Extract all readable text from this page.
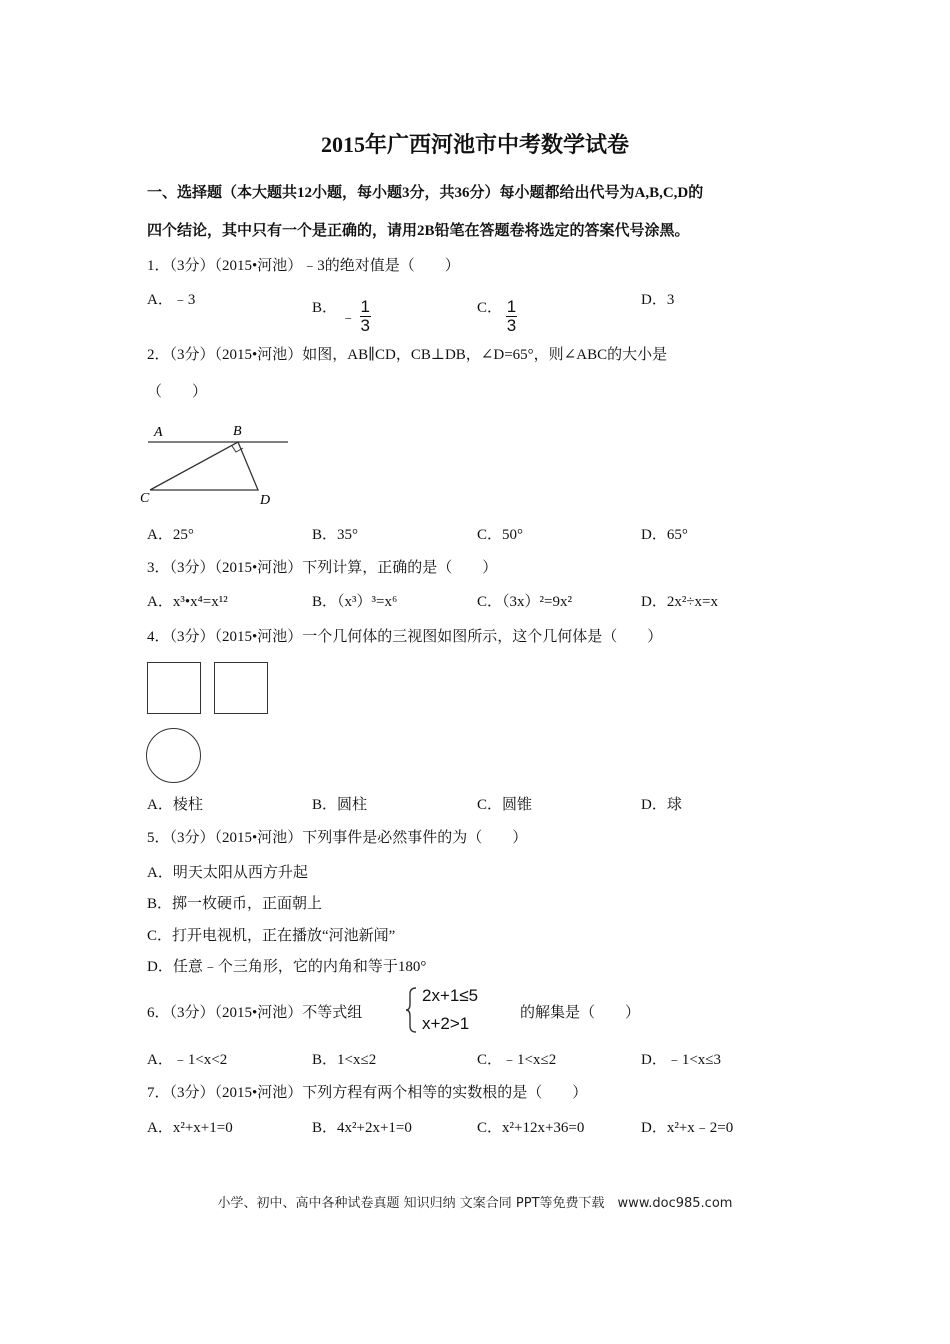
2015年广西河池市中考数学试卷
一、选择题（本大题共12小题，每小题3分，共36分）每小题都给出代号为A,B,C,D的
四个结论，其中只有一个是正确的，请用2B铅笔在答题卷将选定的答案代号涂黑。
1．（3分）（2015•河池）﹣3的绝对值是（　　）
A．﹣3	B． ﹣ $\frac{1}{3}$	C． $\frac{1}{3}$	D．3
2．（3分）（2015•河池）如图，AB∥CD，CB⊥DB，∠D=65°，则∠ABC的大小是
（　　）
A	B
C	D
A．25°	B．35°	C．50°	D．65°
3．（3分）（2015•河池）下列计算，正确的是（　　）
A．x³•x⁴=x¹²	B．（x³）³=x⁶	C．（3x）²=9x²	D．2x²÷x=x
4．（3分）（2015•河池）一个几何体的三视图如图所示，这个几何体是（　　）
A．棱柱	B．圆柱	C．圆锥	D．球
5．（3分）（2015•河池）下列事件是必然事件的为（　　）
A．明天太阳从西方升起
B．掷一枚硬币，正面朝上
C．打开电视机，正在播放“河池新闻”
D．任意﹣个三角形，它的内角和等于180°
6．（3分）（2015•河池）不等式组
2x+1≤5
x+2>1
的解集是（　　）
A．﹣1<x<2	B．1<x≤2	C．﹣1<x≤2	D．﹣1<x≤3
7．（3分）（2015•河池）下列方程有两个相等的实数根的是（　　）
A．x²+x+1=0	B．4x²+2x+1=0	C．x²+12x+36=0	D．x²+x﹣2=0
小学、初中、高中各种试卷真题 知识归纳 文案合同 PPT等免费下载　www.doc985.com
